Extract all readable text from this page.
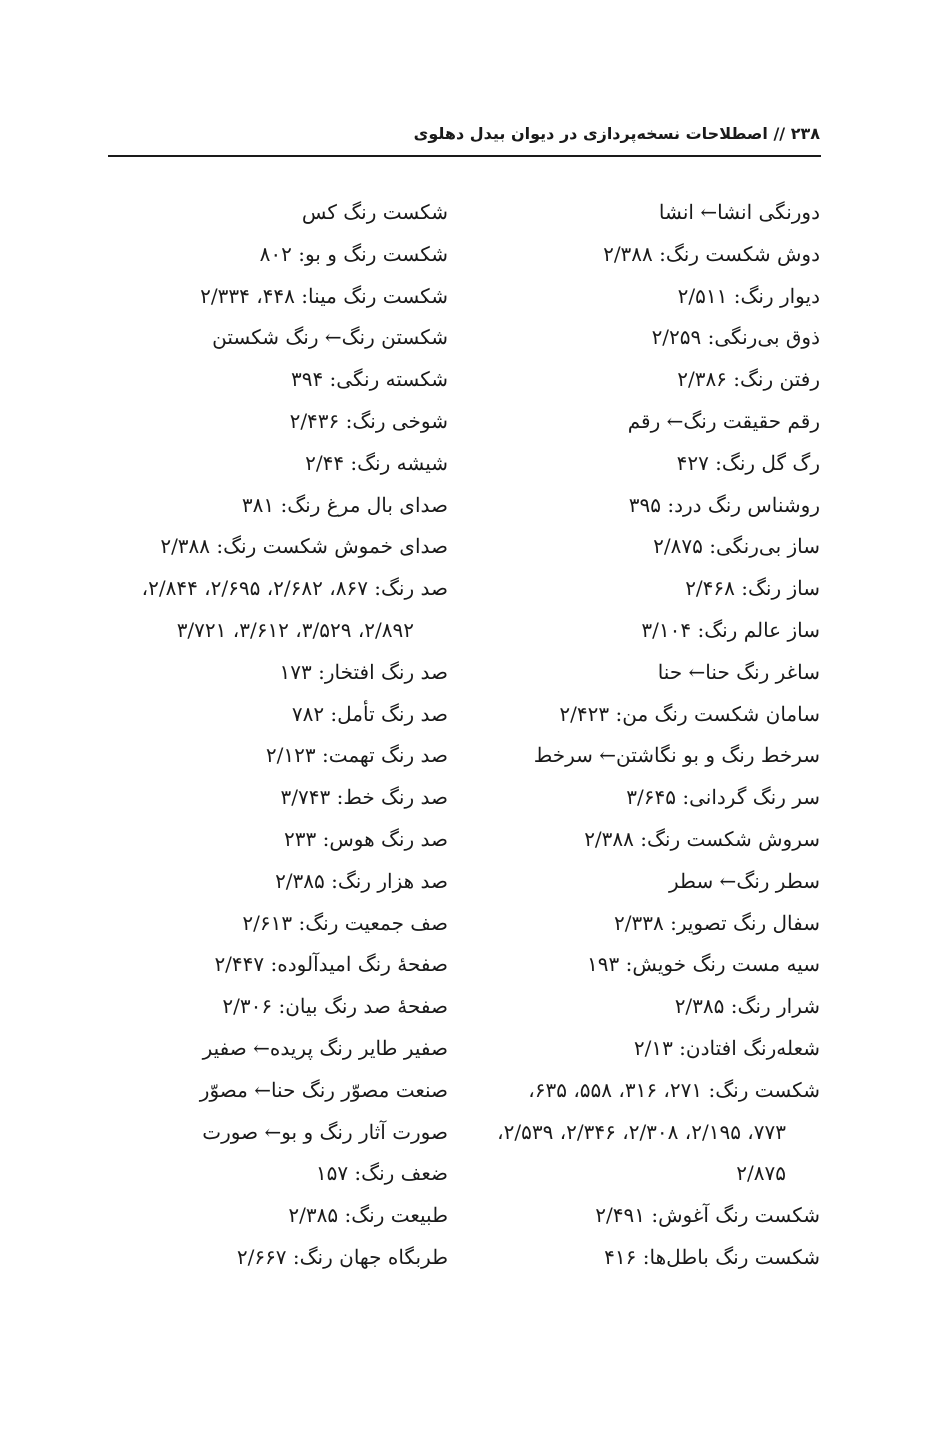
۲۳۸ // اصطلاحات نسخه‌پردازی در دیوان بیدل دهلوی
دورنگی انشا← انشا
دوش شکست رنگ: ۲/۳۸۸
دیوار رنگ: ۲/۵۱۱
ذوق بی‌رنگی: ۲/۲۵۹
رفتن رنگ: ۲/۳۸۶
رقم حقیقت رنگ← رقم
رگ گل رنگ: ۴۲۷
روشناس رنگ درد: ۳۹۵
ساز بی‌رنگی: ۲/۸۷۵
ساز رنگ: ۲/۴۶۸
ساز عالم رنگ: ۳/۱۰۴
ساغر رنگ حنا← حنا
سامان شکست رنگ من: ۲/۴۲۳
سرخط رنگ و بو نگاشتن← سرخط
سر رنگ گردانی: ۳/۶۴۵
سروش شکست رنگ: ۲/۳۸۸
سطر رنگ← سطر
سفال رنگ تصویر: ۲/۳۳۸
سیه مست رنگ خویش: ۱۹۳
شرار رنگ: ۲/۳۸۵
شعله‌رنگ افتادن: ۲/۱۳
شکست رنگ: ۲۷۱، ۳۱۶، ۵۵۸، ۶۳۵،
۷۷۳، ۲/۱۹۵، ۲/۳۰۸، ۲/۳۴۶، ۲/۵۳۹،
۲/۸۷۵
شکست رنگ آغوش: ۲/۴۹۱
شکست رنگ باطل‌ها: ۴۱۶
شکست رنگ کس
شکست رنگ و بو: ۸۰۲
شکست رنگ مینا: ۴۴۸، ۲/۳۳۴
شکستن رنگ← رنگ شکستن
شکسته رنگی: ۳۹۴
شوخی رنگ: ۲/۴۳۶
شیشه رنگ: ۲/۴۴
صدای بال مرغ رنگ: ۳۸۱
صدای خموش شکست رنگ: ۲/۳۸۸
صد رنگ: ۸۶۷، ۲/۶۸۲، ۲/۶۹۵، ۲/۸۴۴،
۲/۸۹۲، ۳/۵۲۹، ۳/۶۱۲، ۳/۷۲۱
صد رنگ افتخار: ۱۷۳
صد رنگ تأمل: ۷۸۲
صد رنگ تهمت: ۲/۱۲۳
صد رنگ خط: ۳/۷۴۳
صد رنگ هوس: ۲۳۳
صد هزار رنگ: ۲/۳۸۵
صف جمعیت رنگ: ۲/۶۱۳
صفحهٔ رنگ امیدآلوده: ۲/۴۴۷
صفحهٔ صد رنگ بیان: ۲/۳۰۶
صفیر طایر رنگ پریده← صفیر
صنعت مصوّر رنگ حنا← مصوّر
صورت آثار رنگ و بو← صورت
ضعف رنگ: ۱۵۷
طبیعت رنگ: ۲/۳۸۵
طربگاه جهان رنگ: ۲/۶۶۷
